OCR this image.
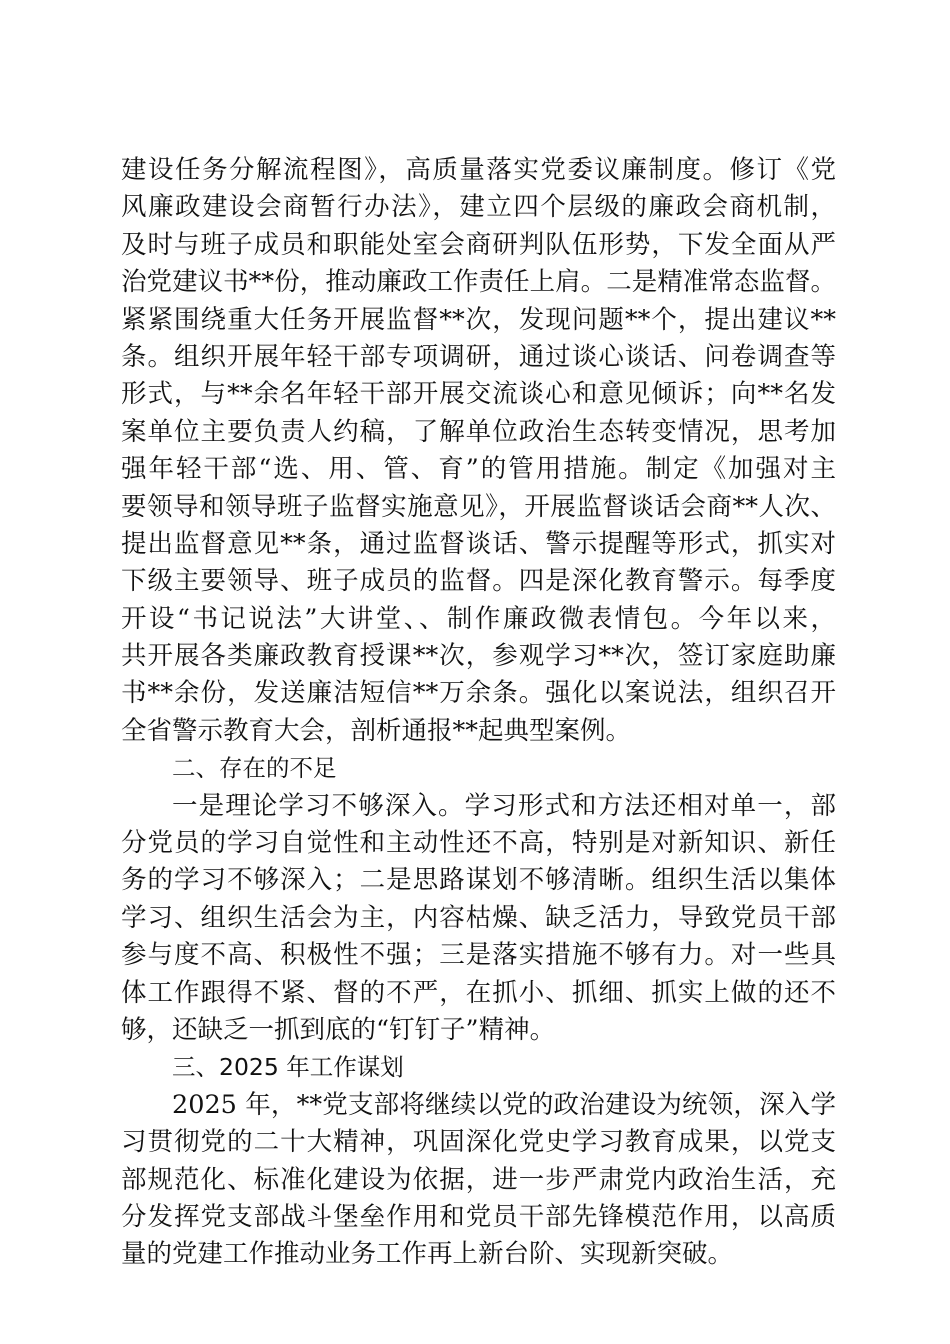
建设任务分解流程图》，高质量落实党委议廉制度。修订《党
风廉政建设会商暂行办法》，建立四个层级的廉政会商机制，
及时与班子成员和职能处室会商研判队伍形势，下发全面从严
治党建议书**份，推动廉政工作责任上肩。二是精准常态监督。
紧紧围绕重大任务开展监督**次，发现问题**个，提出建议**
条。组织开展年轻干部专项调研，通过谈心谈话、问卷调查等
形式，与**余名年轻干部开展交流谈心和意见倾诉；向**名发
案单位主要负责人约稿，了解单位政治生态转变情况，思考加
强年轻干部“选、用、管、育”的管用措施。制定《加强对主
要领导和领导班子监督实施意见》，开展监督谈话会商**人次、
提出监督意见**条，通过监督谈话、警示提醒等形式，抓实对
下级主要领导、班子成员的监督。四是深化教育警示。每季度
开设“书记说法”大讲堂、、制作廉政微表情包。今年以来，
共开展各类廉政教育授课**次，参观学习**次，签订家庭助廉
书**余份，发送廉洁短信**万余条。强化以案说法，组织召开
全省警示教育大会，剖析通报**起典型案例。
二、存在的不足
一是理论学习不够深入。学习形式和方法还相对单一，部
分党员的学习自觉性和主动性还不高，特别是对新知识、新任
务的学习不够深入；二是思路谋划不够清晰。组织生活以集体
学习、组织生活会为主，内容枯燥、缺乏活力，导致党员干部
参与度不高、积极性不强；三是落实措施不够有力。对一些具
体工作跟得不紧、督的不严，在抓小、抓细、抓实上做的还不
够，还缺乏一抓到底的“钉钉子”精神。
三、2025 年工作谋划
2025 年，**党支部将继续以党的政治建设为统领，深入学
习贯彻党的二十大精神，巩固深化党史学习教育成果，以党支
部规范化、标准化建设为依据，进一步严肃党内政治生活，充
分发挥党支部战斗堡垒作用和党员干部先锋模范作用，以高质
量的党建工作推动业务工作再上新台阶、实现新突破。
